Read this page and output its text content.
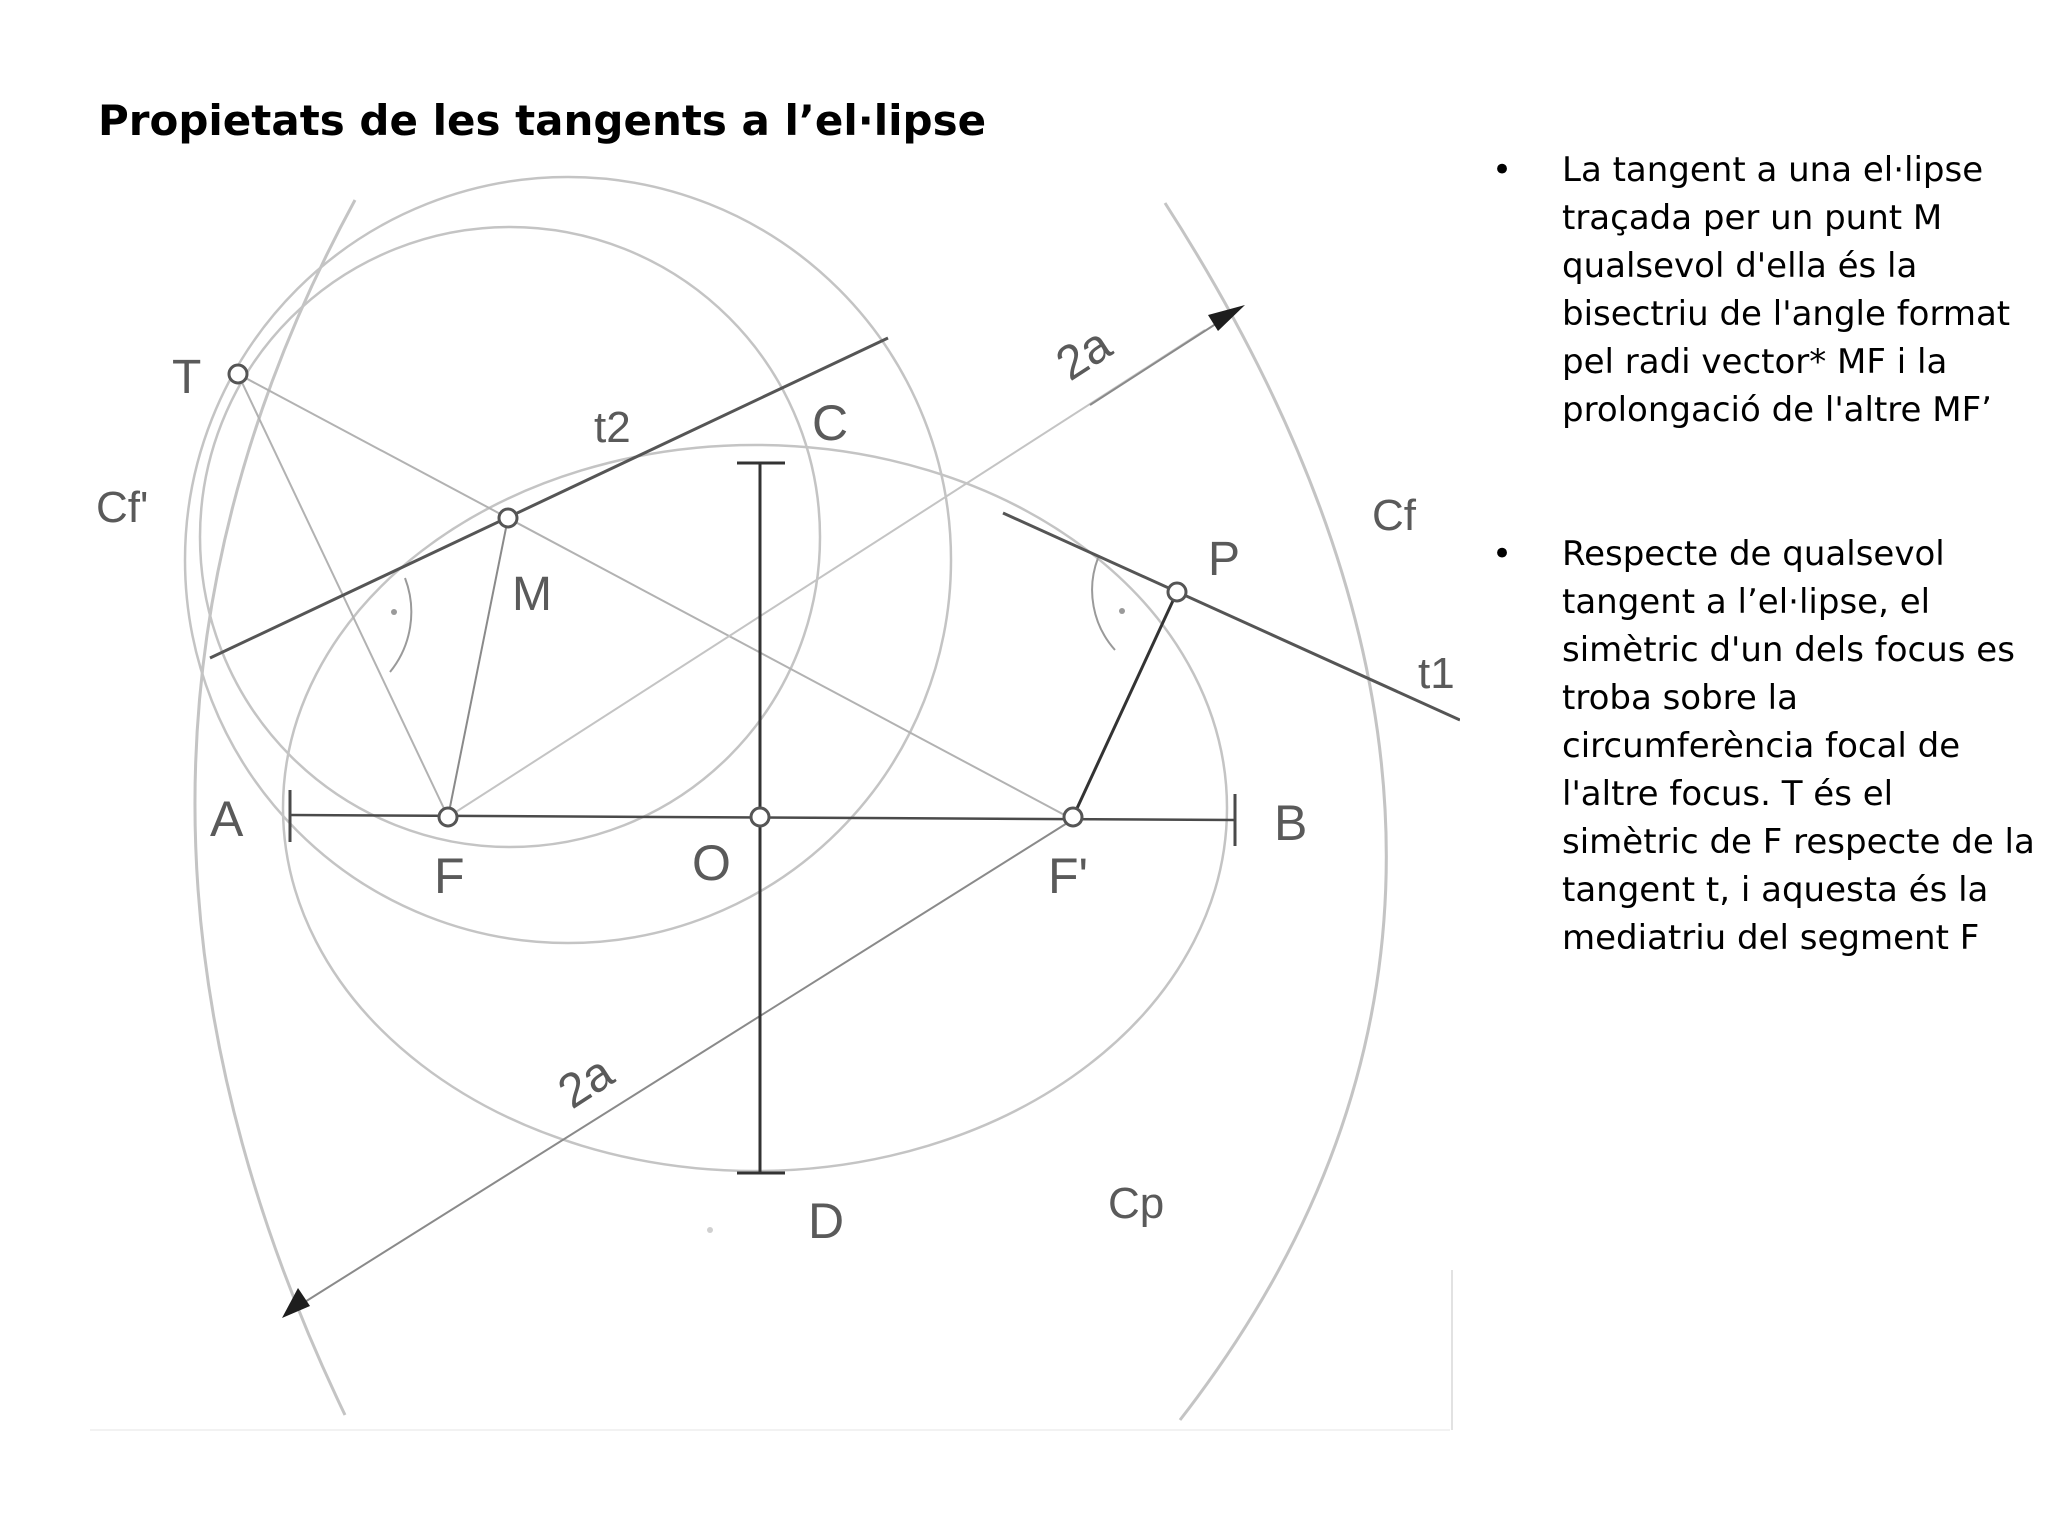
Propietats de les tangents a l’el·lipse
T
Cf'
t2	C
2a
Cf
P
M
t1
A
F	O	F'
B
2a
D	Cp
• La tangent a una el·lipse traçada per un punt M qualsevol d'ella és la bisectriu de l'angle format pel radi vector* MF i la prolongació de l'altre MF’
• Respecte de qualsevol tangent a l’el·lipse, el simètric d'un dels focus es troba sobre la circumferència focal de l'altre focus. T és el simètric de F respecte de la tangent t, i aquesta és la mediatriu del segment F
